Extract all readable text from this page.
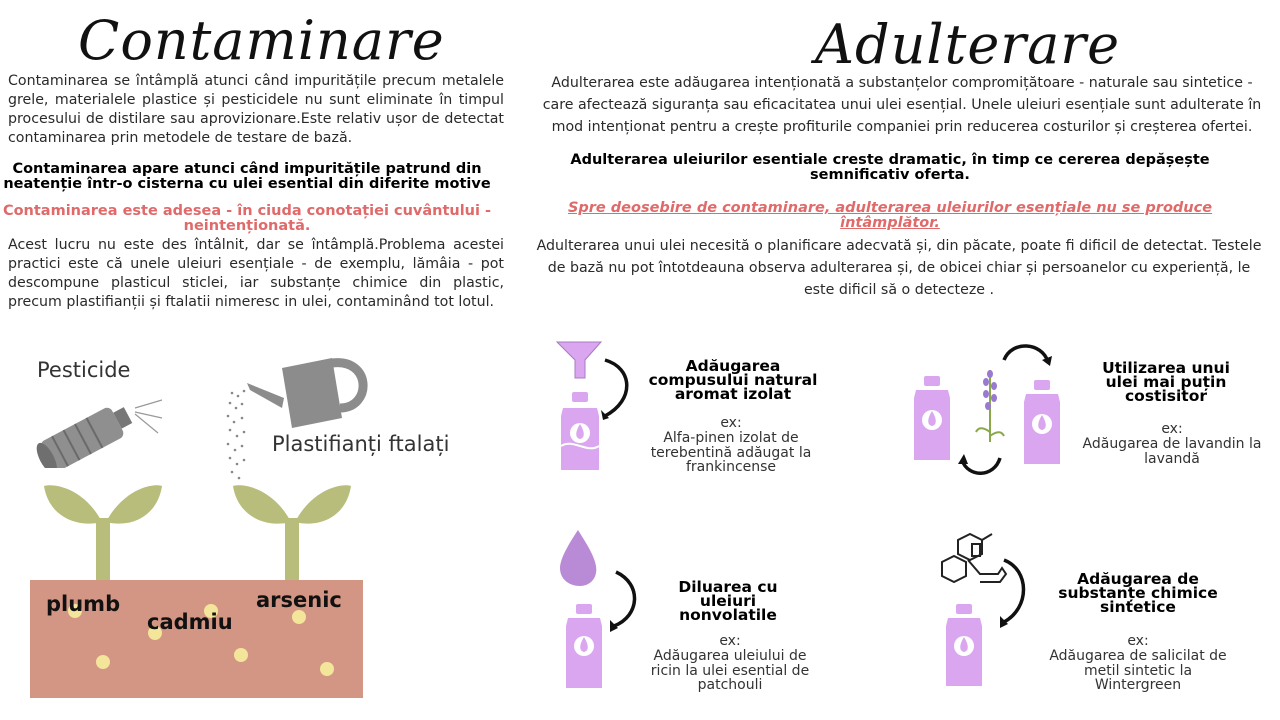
Contaminare
Contaminarea se întâmplă atunci când impuritățile precum metalele grele, materialele plastice și pesticidele nu sunt eliminate în timpul procesului de distilare sau aprovizionare.Este relativ ușor de detectat contaminarea prin metodele de testare de bază.
Contaminarea apare atunci când impuritățile patrund din neatenție într-o cisterna cu ulei esential din diferite motive
Contaminarea este adesea - în ciuda conotației cuvântului - neintenționată.
Acest lucru nu este des întâlnit, dar se întâmplă.Problema acestei practici este că unele uleiuri esențiale - de exemplu, lămâia - pot descompune plasticul sticlei, iar substanțe chimice din plastic, precum plastifianții și ftalatii nimeresc in ulei, contaminând tot lotul.
Pesticide
Plastifianți ftalați
plumb
cadmiu
arsenic
Adulterare
Adulterarea este adăugarea intenționată a substanțelor compromițătoare - naturale sau sintetice - care afectează siguranța sau eficacitatea unui ulei esențial. Unele uleiuri esențiale sunt adulterate în mod intenționat pentru a crește profiturile companiei prin reducerea costurilor și creșterea ofertei.
Adulterarea uleiurilor esentiale creste dramatic, în timp ce cererea depășește semnificativ oferta.
Spre deosebire de contaminare, adulterarea uleiurilor esențiale nu se produce întâmplător.
Adulterarea unui ulei necesită o planificare adecvată și, din păcate, poate fi dificil de detectat. Testele de bază nu pot întotdeauna observa adulterarea și, de obicei chiar și persoanelor cu experiență, le este dificil să o detecteze .
Adăugarea compusului natural aromat izolat
ex:
Alfa-pinen izolat de terebentină adăugat la frankincense
Utilizarea unui ulei mai puțin costisitor
ex:
Adăugarea de lavandin la lavandă
Diluarea cu uleiuri nonvolatile
ex:
Adăugarea uleiului de ricin la ulei esential de patchouli
Adăugarea de substanțe chimice sintetice
ex:
Adăugarea de salicilat de metil sintetic la Wintergreen
